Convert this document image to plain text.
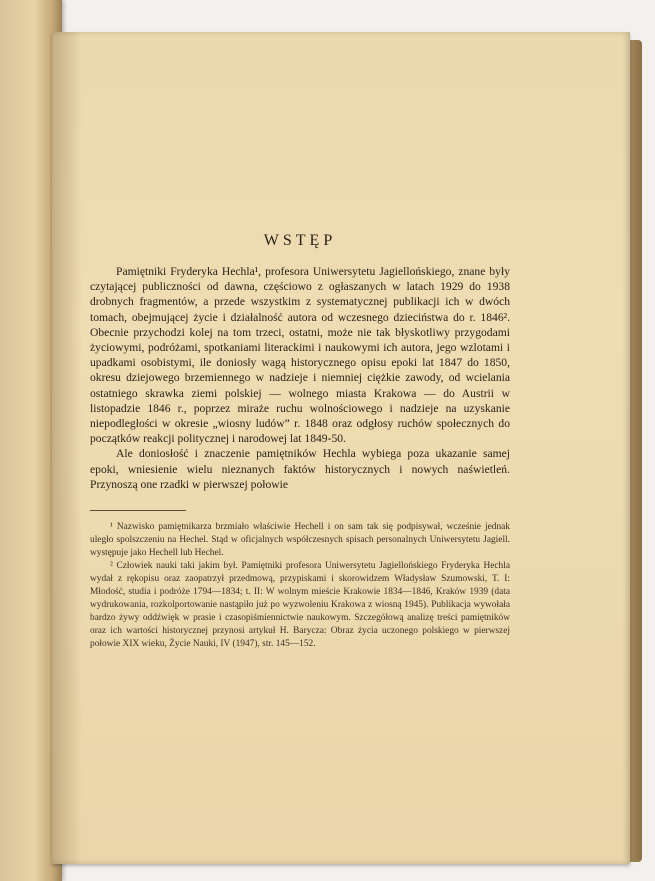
WSTĘP

Pamiętniki Fryderyka Hechla¹, profesora Uniwersytetu Jagiellońskiego, znane były czytającej publiczności od dawna, częściowo z ogłaszanych w latach 1929 do 1938 drobnych fragmentów, a przede wszystkim z systematycznej publikacji ich w dwóch tomach, obejmującej życie i działalność autora od wczesnego dzieciństwa do r. 1846². Obecnie przychodzi kolej na tom trzeci, ostatni, może nie tak błyskotliwy przygodami życiowymi, podróżami, spotkaniami literackimi i naukowymi ich autora, jego wzlotami i upadkami osobistymi, ile doniosły wagą historycznego opisu epoki lat 1847 do 1850, okresu dziejowego brzemiennego w nadzieje i niemniej ciężkie zawody, od wcielania ostatniego skrawka ziemi polskiej — wolnego miasta Krakowa — do Austrii w listopadzie 1846 r., poprzez miraże ruchu wolnościowego i nadzieje na uzyskanie niepodległości w okresie „wiosny ludów” r. 1848 oraz odgłosy ruchów społecznych do początków reakcji politycznej i narodowej lat 1849-50.

Ale doniosłość i znaczenie pamiętników Hechla wybiega poza ukazanie samej epoki, wniesienie wielu nieznanych faktów historycznych i nowych naświetleń. Przynoszą one rzadki w pierwszej połowie

¹ Nazwisko pamiętnikarza brzmiało właściwie Hechell i on sam tak się podpisywał, wcześnie jednak uległo spolszczeniu na Hechel. Stąd w oficjalnych współczesnych spisach personalnych Uniwersytetu Jagiell. występuje jako Hechell lub Hechel.

² Człowiek nauki taki jakim był. Pamiętniki profesora Uniwersytetu Jagiellońskiego Fryderyka Hechla wydał z rękopisu oraz zaopatrzył przedmową, przypiskami i skorowidzem Władysław Szumowski, T. I: Młodość, studia i podróże 1794—1834; t. II: W wolnym mieście Krakowie 1834—1846, Kraków 1939 (data wydrukowania, rozkolportowanie nastąpiło już po wyzwoleniu Krakowa z wiosną 1945). Publikacja wywołała bardzo żywy oddźwięk w prasie i czasopiśmiennictwie naukowym. Szczegółową analizę treści pamiętników oraz ich wartości historycznej przynosi artykuł H. Barycza: Obraz życia uczonego polskiego w pierwszej połowie XIX wieku, Życie Nauki, IV (1947), str. 145—152.
